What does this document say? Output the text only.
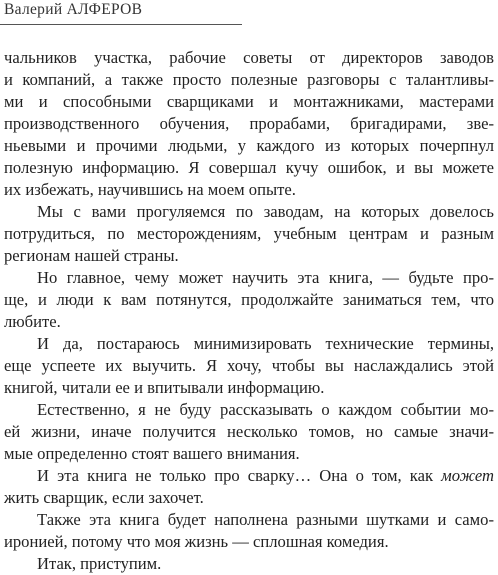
Валерий АЛФЕРОВ
чальников участка, рабочие советы от директоров заводов
и компаний, а также просто полезные разговоры с талантливы-
ми и способными сварщиками и монтажниками, мастерами
производственного обучения, прорабами, бригадирами, зве-
ньевыми и прочими людьми, у каждого из которых почерпнул
полезную информацию. Я совершал кучу ошибок, и вы можете
их избежать, научившись на моем опыте.
Мы с вами прогуляемся по заводам, на которых довелось
потрудиться, по месторождениям, учебным центрам и разным
регионам нашей страны.
Но главное, чему может научить эта книга, — будьте про-
ще, и люди к вам потянутся, продолжайте заниматься тем, что
любите.
И да, постараюсь минимизировать технические термины,
еще успеете их выучить. Я хочу, чтобы вы наслаждались этой
книгой, читали ее и впитывали информацию.
Естественно, я не буду рассказывать о каждом событии мо-
ей жизни, иначе получится несколько томов, но самые значи-
мые определенно стоят вашего внимания.
И эта книга не только про сварку… Она о том, как может
жить сварщик, если захочет.
Также эта книга будет наполнена разными шутками и само-
иронией, потому что моя жизнь — сплошная комедия.
Итак, приступим.
